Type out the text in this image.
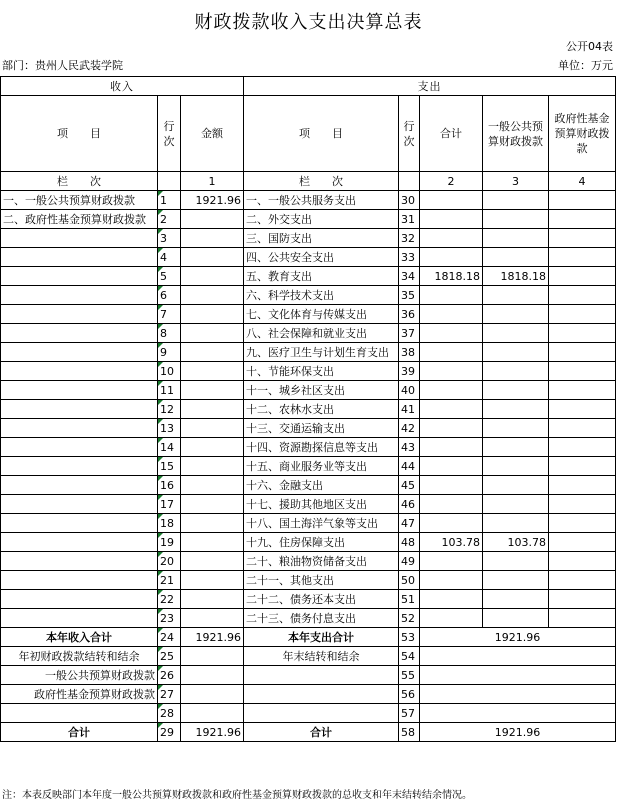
财政拨款收入支出决算总表
公开04表
部门：贵州人民武装学院	单位：万元
收入			支出				
项　　目	行次	金额	项　　目	行次	合计	一般公共预算财政拨款	政府性基金预算财政拨款
栏　　次		1	栏　　次		2	3	4
一、一般公共预算财政拨款	1	1921.96	一、一般公共服务支出	30			
二、政府性基金预算财政拨款	2		二、外交支出	31			
	3		三、国防支出	32			
	4		四、公共安全支出	33			
	5		五、教育支出	34	1818.18	1818.18	
	6		六、科学技术支出	35			
	7		七、文化体育与传媒支出	36			
	8		八、社会保障和就业支出	37			
	9		九、医疗卫生与计划生育支出	38			
	10		十、节能环保支出	39			
	11		十一、城乡社区支出	40			
	12		十二、农林水支出	41			
	13		十三、交通运输支出	42			
	14		十四、资源勘探信息等支出	43			
	15		十五、商业服务业等支出	44			
	16		十六、金融支出	45			
	17		十七、援助其他地区支出	46			
	18		十八、国土海洋气象等支出	47			
	19		十九、住房保障支出	48	103.78	103.78	
	20		二十、粮油物资储备支出	49			
	21		二十一、其他支出	50			
	22		二十二、债务还本支出	51			
	23		二十三、债务付息支出	52			
本年收入合计	24	1921.96	本年支出合计	53	1921.96		
年初财政拨款结转和结余	25		年末结转和结余	54			
一般公共预算财政拨款	26			55			
政府性基金预算财政拨款	27			56			
	28			57			
合计	29	1921.96	合计	58	1921.96		
注：本表反映部门本年度一般公共预算财政拨款和政府性基金预算财政拨款的总收支和年末结转结余情况。
